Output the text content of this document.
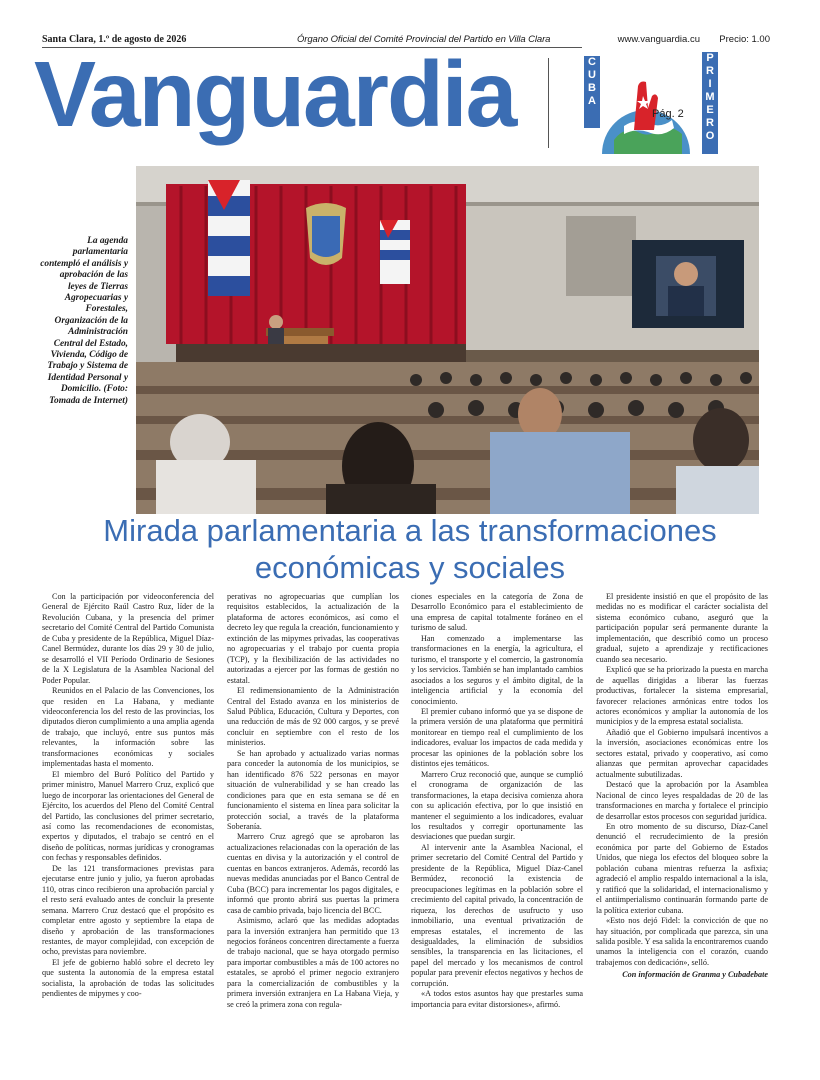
Santa Clara, 1.º de agosto de 2026	Órgano Oficial del Comité Provincial del Partido en Villa Clara	www.vanguardia.cu Precio: 1.00
Vanguardia	C
U
B
A
Pág. 2
P
R
I
M
E
R
O
La agenda parlamentaria contempló el análisis y aprobación de las leyes de Tierras Agropecuarias y Forestales, Organización de la Administración Central del Estado, Vivienda, Código de Trabajo y Sistema de Identidad Personal y Domicilio. (Foto: Tomada de Internet)
Mirada parlamentaria a las transformaciones
económicas y sociales

Con la participación por videoconferencia del General de Ejército Raúl Castro Ruz, líder de la Revolución Cubana, y la presencia del primer secretario del Comité Central del Partido Comunista de Cuba y presidente de la República, Miguel Díaz-Canel Bermúdez, durante los días 29 y 30 de julio, se desarrolló el VII Período Ordinario de Sesiones de la X Legislatura de la Asamblea Nacional del Poder Popular.

Reunidos en el Palacio de las Convenciones, los que residen en La Habana, y mediante videoconferencia los del resto de las provincias, los diputados dieron cumplimiento a una amplia agenda de trabajo, que incluyó, entre sus puntos más relevantes, la información sobre las transformaciones económicas y sociales implementadas hasta el momento.

El miembro del Buró Político del Partido y primer ministro, Manuel Marrero Cruz, explicó que luego de incorporar las orientaciones del General de Ejército, los acuerdos del Pleno del Comité Central del Partido, las conclusiones del primer secretario, así como las recomendaciones de economistas, expertos y diputados, el trabajo se centró en el diseño de políticas, normas jurídicas y cronogramas con fechas y responsables definidos.

De las 121 transformaciones previstas para ejecutarse entre junio y julio, ya fueron aprobadas 110, otras cinco recibieron una aprobación parcial y el resto será evaluado antes de concluir la presente semana. Marrero Cruz destacó que el propósito es completar entre agosto y septiembre la etapa de diseño y aprobación de las transformaciones restantes, de mayor complejidad, con excepción de ocho, previstas para noviembre.

El jefe de gobierno habló sobre el decreto ley que sustenta la autonomía de la empresa estatal socialista, la aprobación de todas las solicitudes pendientes de mipymes y coo-

perativas no agropecuarias que cumplían los requisitos establecidos, la actualización de la plataforma de actores económicos, así como el decreto ley que regula la creación, funcionamiento y extinción de las mipymes privadas, las cooperativas no agropecuarias y el trabajo por cuenta propia (TCP), y la flexibilización de las actividades no autorizadas a ejercer por las formas de gestión no estatal.

El redimensionamiento de la Administración Central del Estado avanza en los ministerios de Salud Pública, Educación, Cultura y Deportes, con una reducción de más de 92 000 cargos, y se prevé concluir en septiembre con el resto de los ministerios.

Se han aprobado y actualizado varias normas para conceder la autonomía de los municipios, se han identificado 876 522 personas en mayor situación de vulnerabilidad y se han creado las condiciones para que en esta semana se dé en funcionamiento el sistema en línea para solicitar la protección social, a través de la plataforma Soberanía.

Marrero Cruz agregó que se aprobaron las actualizaciones relacionadas con la operación de las cuentas en divisa y la autorización y el control de cuentas en bancos extranjeros. Además, recordó las nuevas medidas anunciadas por el Banco Central de Cuba (BCC) para incrementar los pagos digitales, e informó que pronto abrirá sus puertas la primera casa de cambio privada, bajo licencia del BCC.

Asimismo, aclaró que las medidas adoptadas para la inversión extranjera han permitido que 13 negocios foráneos concentren directamente a fuerza de trabajo nacional, que se haya otorgado permiso para importar combustibles a más de 100 actores no estatales, se aprobó el primer negocio extranjero para la comercialización de combustibles y la primera inversión extranjera en La Habana Vieja, y se creó la primera zona con regula-

ciones especiales en la categoría de Zona de Desarrollo Económico para el establecimiento de una empresa de capital totalmente foráneo en el turismo de salud.

Han comenzado a implementarse las transformaciones en la energía, la agricultura, el turismo, el transporte y el comercio, la gastronomía y los servicios. También se han implantado cambios asociados a los seguros y el ámbito digital, de la inteligencia artificial y la economía del conocimiento.

El premier cubano informó que ya se dispone de la primera versión de una plataforma que permitirá monitorear en tiempo real el cumplimiento de los indicadores, evaluar los impactos de cada medida y procesar las opiniones de la población sobre los distintos ejes temáticos.

Marrero Cruz reconoció que, aunque se cumplió el cronograma de organización de las transformaciones, la etapa decisiva comienza ahora con su aplicación efectiva, por lo que insistió en mantener el seguimiento a los indicadores, evaluar los resultados y corregir oportunamente las desviaciones que puedan surgir.

Al intervenir ante la Asamblea Nacional, el primer secretario del Comité Central del Partido y presidente de la República, Miguel Díaz-Canel Bermúdez, reconoció la existencia de preocupaciones legítimas en la población sobre el crecimiento del capital privado, la concentración de riqueza, los derechos de usufructo y uso inmobiliario, una eventual privatización de empresas estatales, el incremento de las desigualdades, la eliminación de subsidios sensibles, la transparencia en las licitaciones, el papel del mercado y los mecanismos de control popular para prevenir efectos negativos y hechos de corrupción.

«A todos estos asuntos hay que prestarles suma importancia para evitar distorsiones», afirmó.

El presidente insistió en que el propósito de las medidas no es modificar el carácter socialista del sistema económico cubano, aseguró que la participación popular será permanente durante la implementación, que describió como un proceso gradual, sujeto a aprendizaje y rectificaciones cuando sea necesario.

Explicó que se ha priorizado la puesta en marcha de aquellas dirigidas a liberar las fuerzas productivas, fortalecer la sistema empresarial, favorecer relaciones armónicas entre todos los actores económicos y ampliar la autonomía de los municipios y de la empresa estatal socialista.

Añadió que el Gobierno impulsará incentivos a la inversión, asociaciones económicas entre los sectores estatal, privado y cooperativo, así como alianzas que permitan aprovechar capacidades actualmente subutilizadas.

Destacó que la aprobación por la Asamblea Nacional de cinco leyes respaldadas de 20 de las transformaciones en marcha y fortalece el principio de desarrollar estos procesos con seguridad jurídica.

En otro momento de su discurso, Díaz-Canel denunció el recrudecimiento de la presión económica por parte del Gobierno de Estados Unidos, que niega los efectos del bloqueo sobre la población cubana mientras refuerza la asfixia; agradeció el amplio respaldo internacional a la isla, y ratificó que la solidaridad, el internacionalismo y el antiimperialismo continuarán formando parte de la política exterior cubana.

«Esto nos dejó Fidel: la convicción de que no hay situación, por complicada que parezca, sin una salida posible. Y esa salida la encontraremos cuando unamos la inteligencia con el corazón, cuando trabajemos con dedicación», selló.

Con información de Granma y Cubadebate
